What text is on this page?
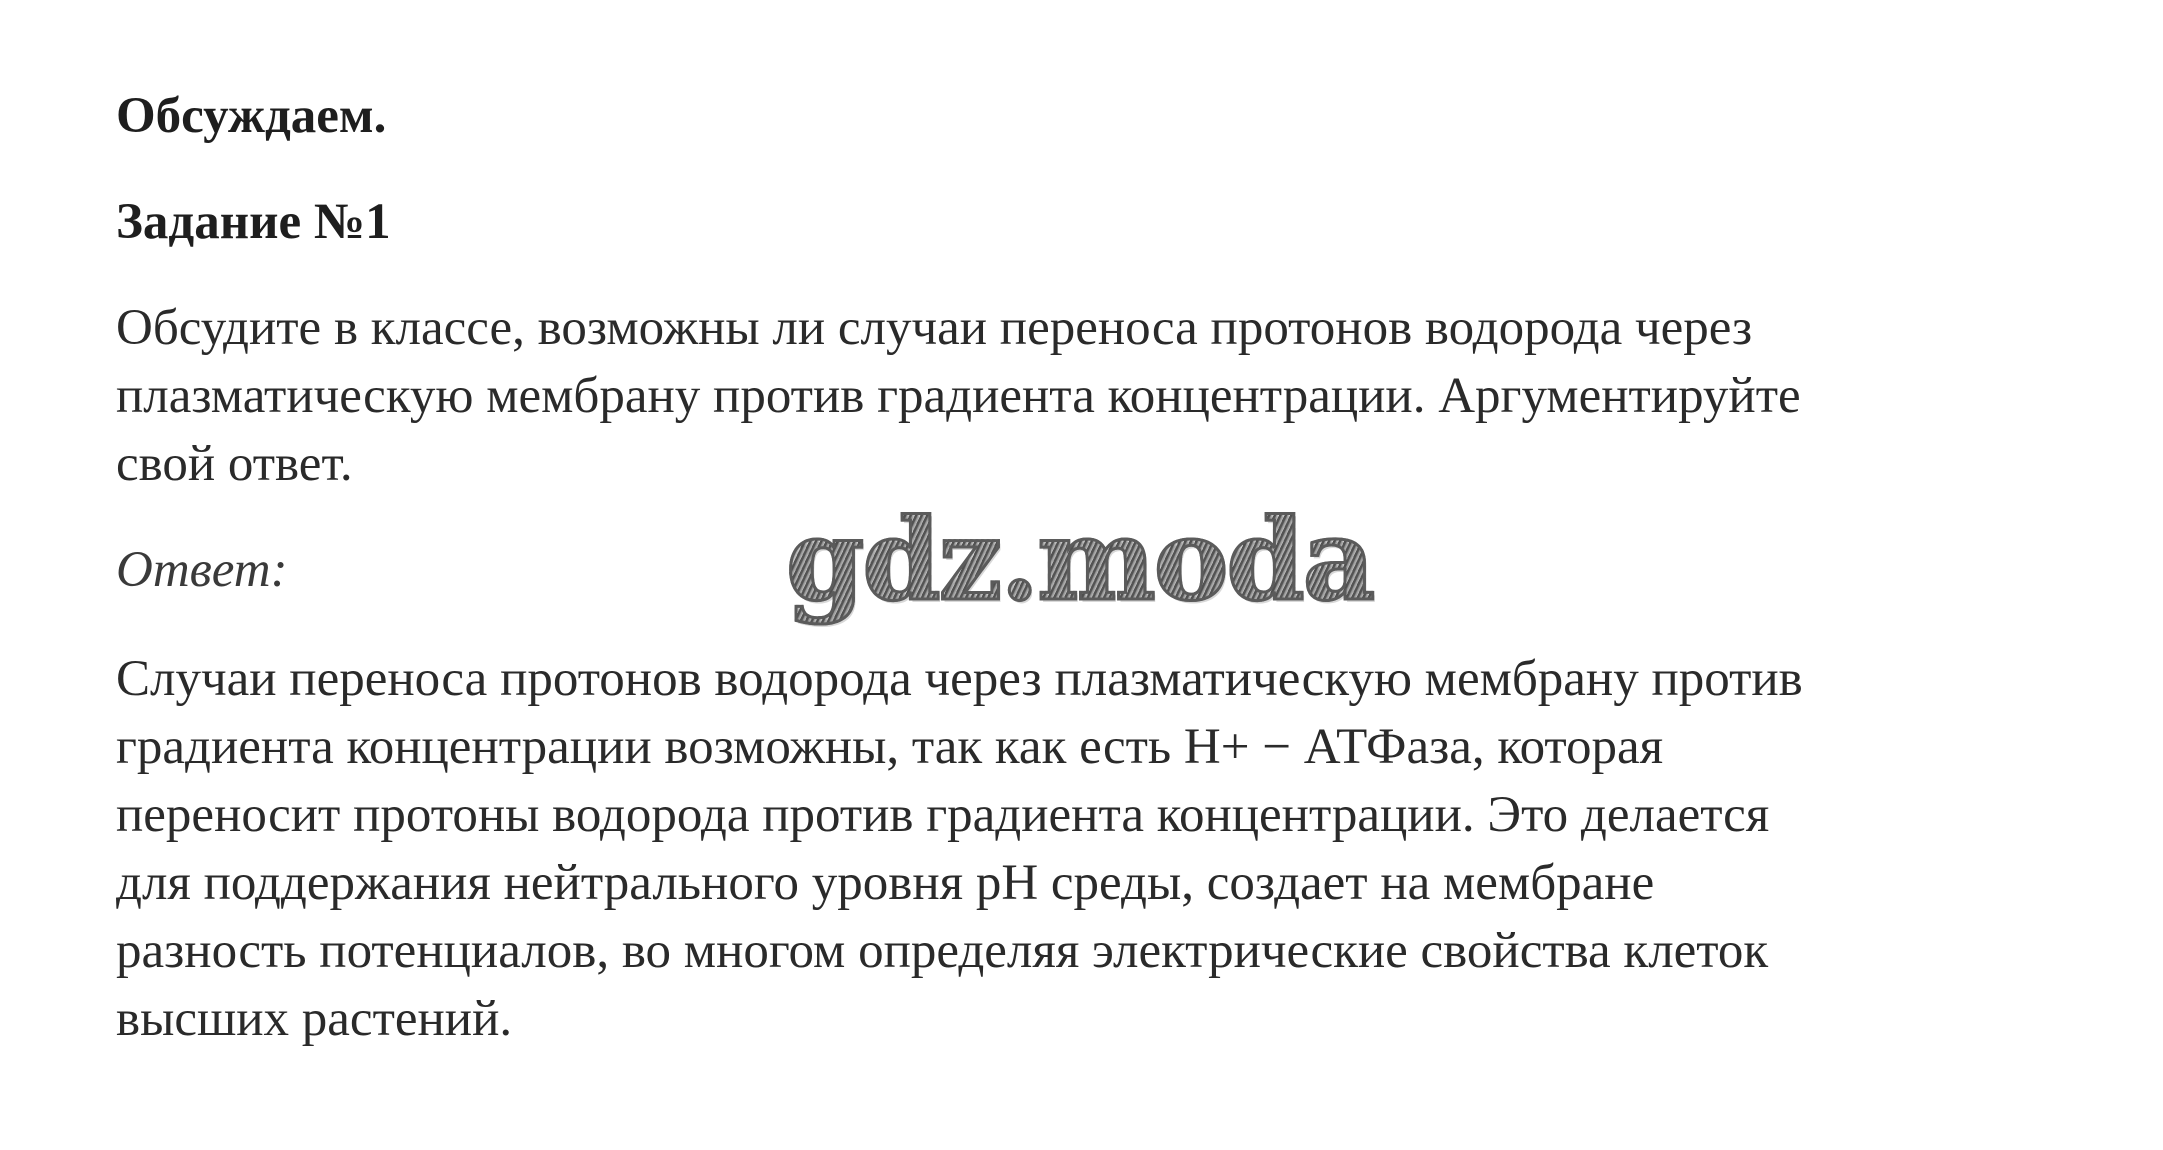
Обсуждаем.
Задание №1
Обсудите в классе, возможны ли случаи переноса протонов водорода через
плазматическую мембрану против градиента концентрации. Аргументируйте
свой ответ.
Ответ:	gdz.moda
Случаи переноса протонов водорода через плазматическую мембрану против
градиента концентрации возможны, так как есть H+ − АТФаза, которая
переносит протоны водорода против градиента концентрации. Это делается
для поддержания нейтрального уровня pH среды, создает на мембране
разность потенциалов, во многом определяя электрические свойства клеток
высших растений.
